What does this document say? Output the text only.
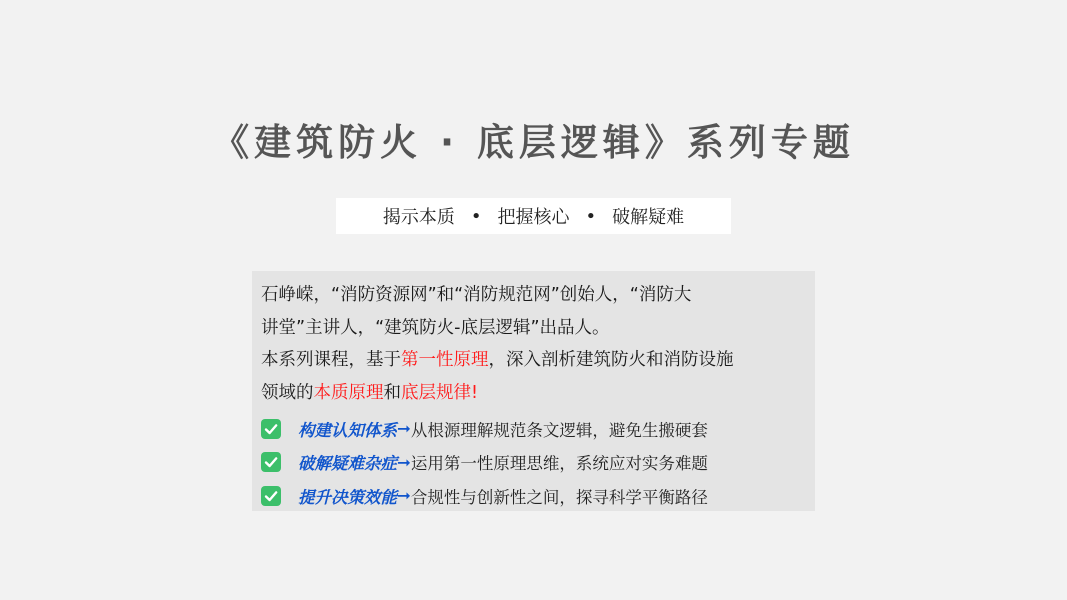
《建筑防火 · 底层逻辑》系列专题
揭示本质 • 把握核心 • 破解疑难
石峥嵘，“消防资源网”和“消防规范网”创始人，“消防大
讲堂”主讲人，“建筑防火-底层逻辑”出品人。
本系列课程，基于第一性原理，深入剖析建筑防火和消防设施
领域的本质原理和底层规律!
构建认知体系 ➞ 从根源理解规范条文逻辑，避免生搬硬套
破解疑难杂症 ➞ 运用第一性原理思维，系统应对实务难题
提升决策效能 ➞ 合规性与创新性之间，探寻科学平衡路径
